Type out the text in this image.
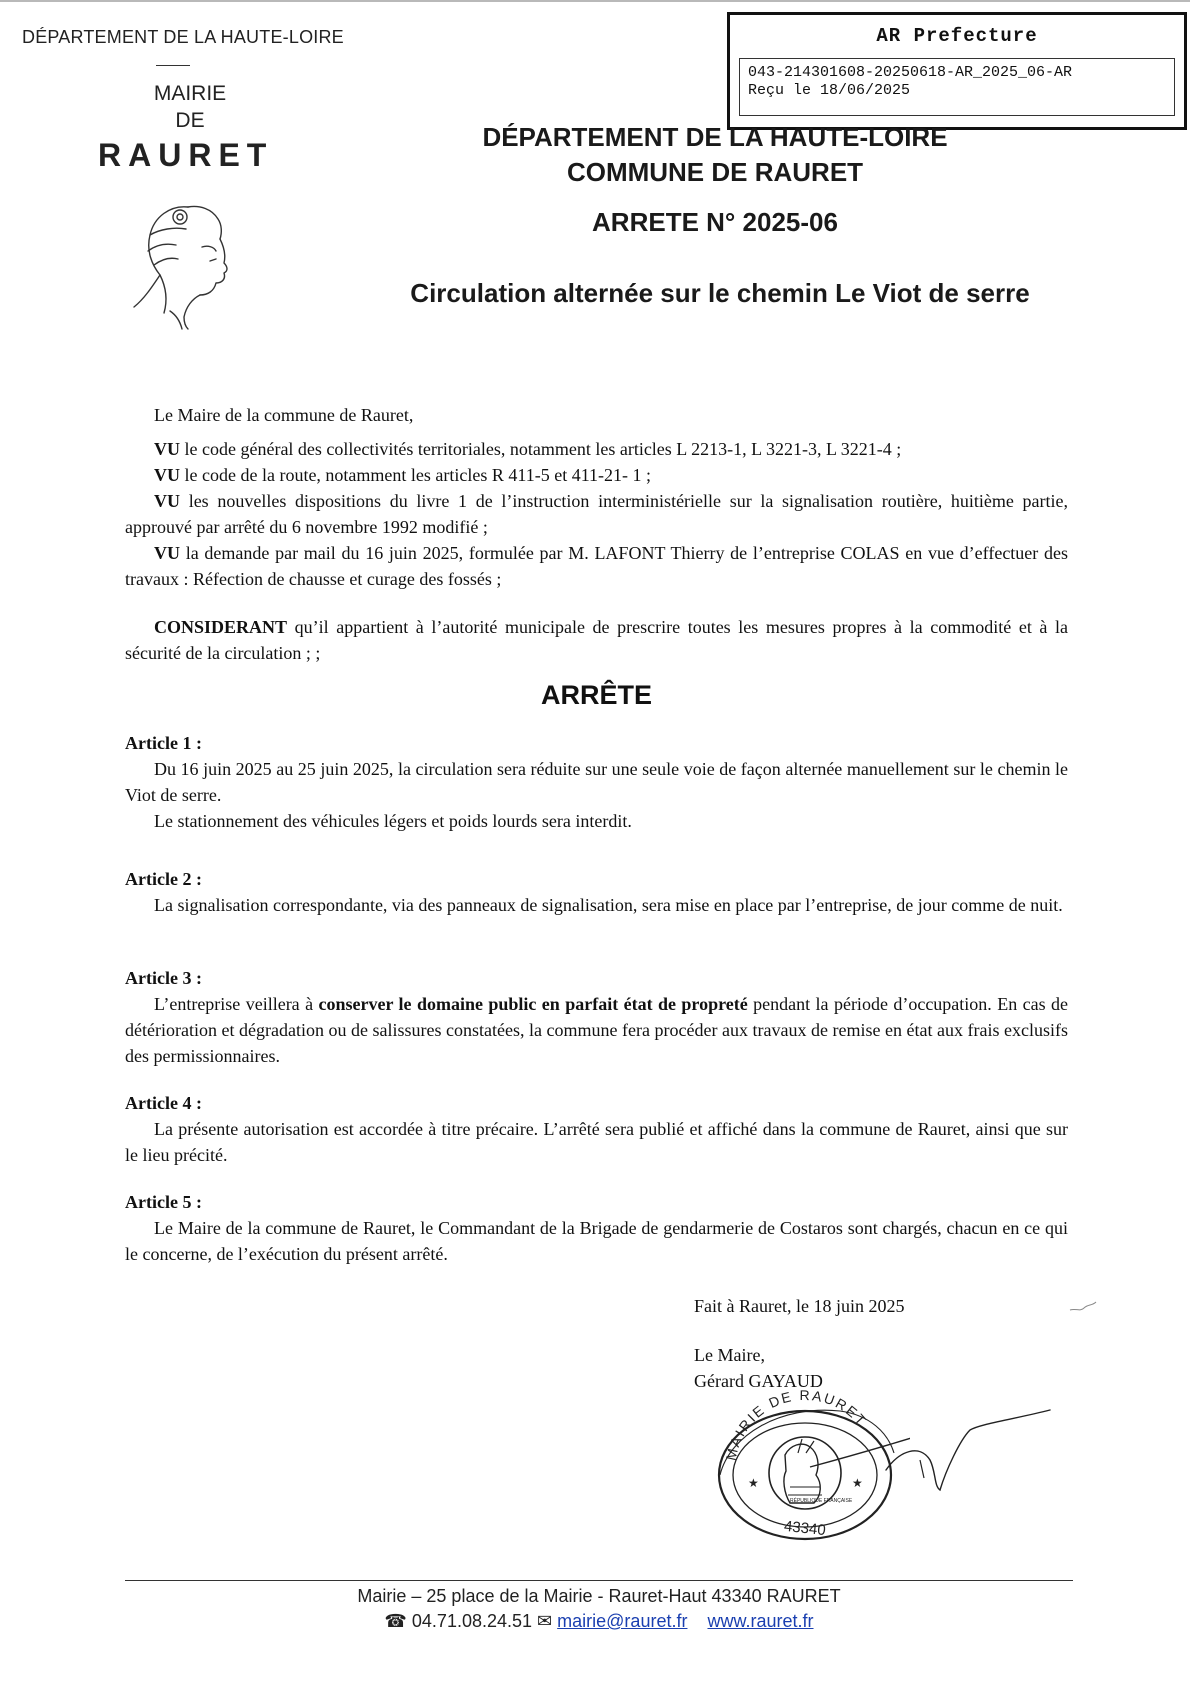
DÉPARTEMENT DE LA HAUTE-LOIRE
MAIRIE
DE
RAURET
AR Prefecture
043-214301608-20250618-AR_2025_06-AR
Reçu le 18/06/2025
DÉPARTEMENT DE LA HAUTE-LOIRE
COMMUNE DE RAURET
ARRETE N° 2025-06
Circulation alternée sur le chemin Le Viot de serre
Le Maire de la commune de Rauret,
VU le code général des collectivités territoriales, notamment les articles L 2213-1, L 3221-3, L 3221-4 ;
VU le code de la route, notamment les articles R 411-5 et 411-21- 1 ;
VU les nouvelles dispositions du livre 1 de l’instruction interministérielle sur la signalisation routière, huitième partie, approuvé par arrêté du 6 novembre 1992 modifié ;
VU la demande par mail du 16 juin 2025, formulée par M. LAFONT Thierry de l’entreprise COLAS en vue d’effectuer des travaux : Réfection de chausse et curage des fossés ;
CONSIDERANT qu’il appartient à l’autorité municipale de prescrire toutes les mesures propres à la commodité et à la sécurité de la circulation ; ;
ARRÊTE
Article 1 :
Du 16 juin 2025 au 25 juin 2025, la circulation sera réduite sur une seule voie de façon alternée manuellement sur le chemin le Viot de serre.
Le stationnement des véhicules légers et poids lourds sera interdit.
Article 2 :
La signalisation correspondante, via des panneaux de signalisation, sera mise en place par l’entreprise, de jour comme de nuit.
Article 3 :
L’entreprise veillera à conserver le domaine public en parfait état de propreté pendant la période d’occupation. En cas de détérioration et dégradation ou de salissures constatées, la commune fera procéder aux travaux de remise en état aux frais exclusifs des permissionnaires.
Article 4 :
La présente autorisation est accordée à titre précaire. L’arrêté sera publié et affiché dans la commune de Rauret, ainsi que sur le lieu précité.
Article 5 :
Le Maire de la commune de Rauret, le Commandant de la Brigade de gendarmerie de Costaros sont chargés, chacun en ce qui le concerne, de l’exécution du présent arrêté.
Fait à Rauret, le 18 juin 2025
Le Maire,
Gérard GAYAUD
MAIRIE DE RAURET
★	★
RÉPUBLIQUE FRANÇAISE
43340
Mairie – 25 place de la Mairie - Rauret-Haut 43340 RAURET
☎ 04.71.08.24.51 ✉ mairie@rauret.fr www.rauret.fr
